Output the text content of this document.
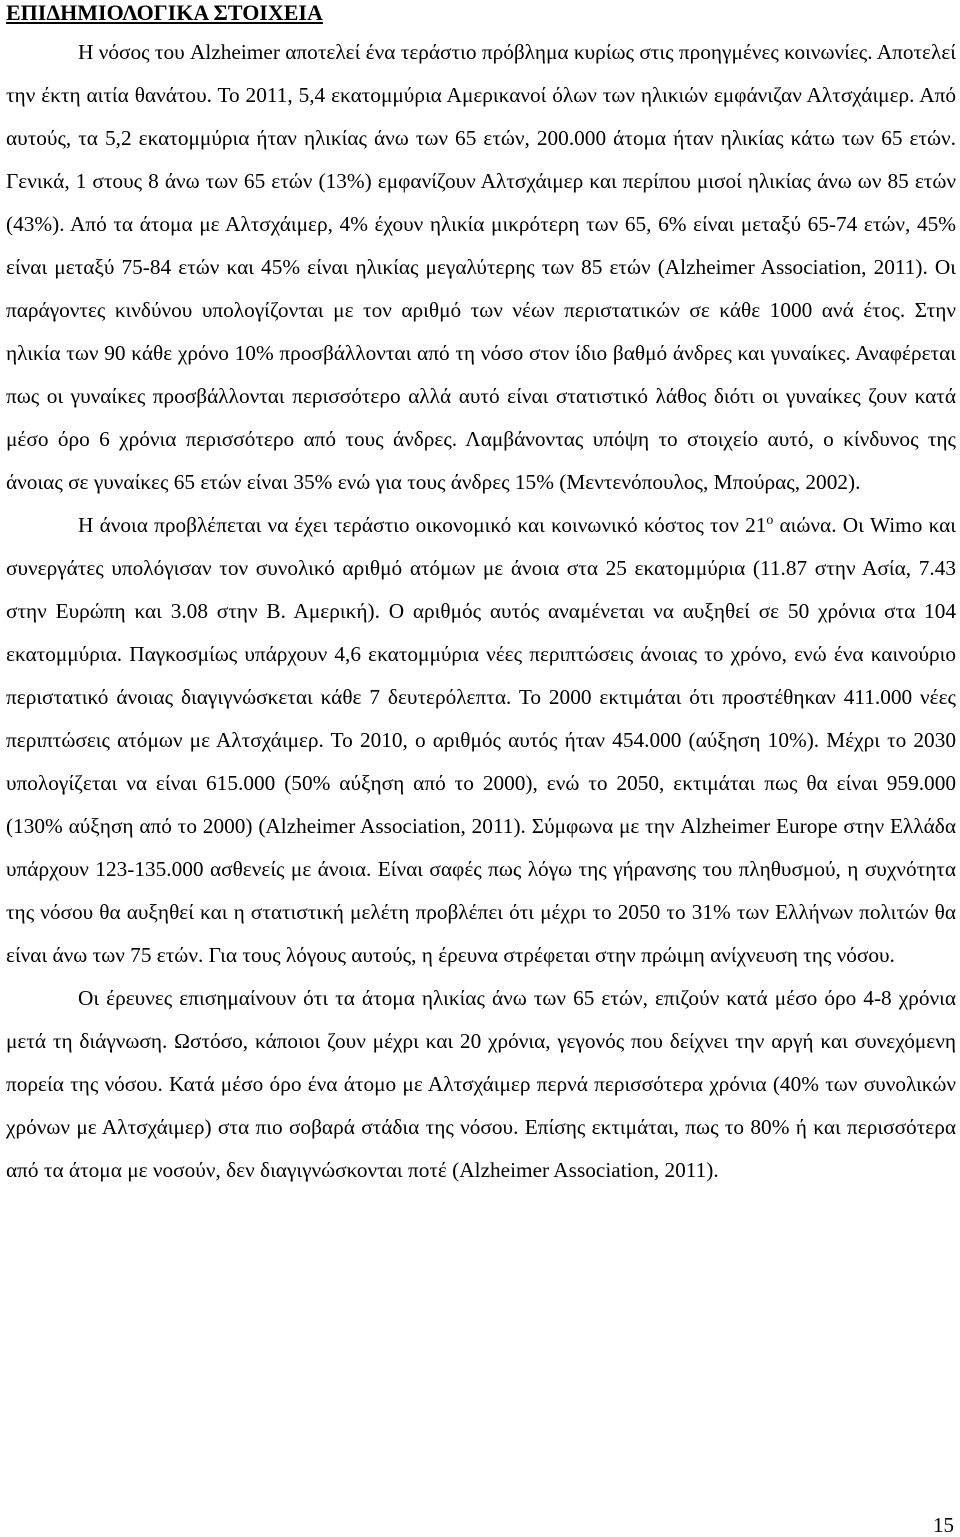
ΕΠΙΔΗΜΙΟΛΟΓΙΚΑ ΣΤΟΙΧΕΙΑ

Η νόσος του Alzheimer αποτελεί ένα τεράστιο πρόβλημα κυρίως στις προηγμένες κοινωνίες. Αποτελεί την έκτη αιτία θανάτου. Το 2011, 5,4 εκατομμύρια Αμερικανοί όλων των ηλικιών εμφάνιζαν Αλτσχάιμερ. Από αυτούς, τα 5,2 εκατομμύρια ήταν ηλικίας άνω των 65 ετών, 200.000 άτομα ήταν ηλικίας κάτω των 65 ετών. Γενικά, 1 στους 8 άνω των 65 ετών (13%) εμφανίζουν Αλτσχάιμερ και περίπου μισοί ηλικίας άνω ων 85 ετών (43%). Από τα άτομα με Αλτσχάιμερ, 4% έχουν ηλικία μικρότερη των 65, 6% είναι μεταξύ 65-74 ετών, 45% είναι μεταξύ 75-84 ετών και 45% είναι ηλικίας μεγαλύτερης των 85 ετών (Alzheimer Association, 2011). Οι παράγοντες κινδύνου υπολογίζονται με τον αριθμό των νέων περιστατικών σε κάθε 1000 ανά έτος. Στην ηλικία των 90 κάθε χρόνο 10% προσβάλλονται από τη νόσο στον ίδιο βαθμό άνδρες και γυναίκες. Αναφέρεται πως οι γυναίκες προσβάλλονται περισσότερο αλλά αυτό είναι στατιστικό λάθος διότι οι γυναίκες ζουν κατά μέσο όρο 6 χρόνια περισσότερο από τους άνδρες. Λαμβάνοντας υπόψη το στοιχείο αυτό, ο κίνδυνος της άνοιας σε γυναίκες 65 ετών είναι 35% ενώ για τους άνδρες 15% (Μεντενόπουλος, Μπούρας, 2002).

Η άνοια προβλέπεται να έχει τεράστιο οικονομικό και κοινωνικό κόστος τον $21^o$ αιώνα. Οι Wimo και συνεργάτες υπολόγισαν τον συνολικό αριθμό ατόμων με άνοια στα 25 εκατομμύρια (11.87 στην Ασία, 7.43 στην Ευρώπη και 3.08 στην Β. Αμερική). Ο αριθμός αυτός αναμένεται να αυξηθεί σε 50 χρόνια στα 104 εκατομμύρια. Παγκοσμίως υπάρχουν 4,6 εκατομμύρια νέες περιπτώσεις άνοιας το χρόνο, ενώ ένα καινούριο περιστατικό άνοιας διαγιγνώσκεται κάθε 7 δευτερόλεπτα. Το 2000 εκτιμάται ότι προστέθηκαν 411.000 νέες περιπτώσεις ατόμων με Αλτσχάιμερ. Το 2010, ο αριθμός αυτός ήταν 454.000 (αύξηση 10%). Μέχρι το 2030 υπολογίζεται να είναι 615.000 (50% αύξηση από το 2000), ενώ το 2050, εκτιμάται πως θα είναι 959.000 (130% αύξηση από το 2000) (Alzheimer Association, 2011). Σύμφωνα με την Alzheimer Europe στην Ελλάδα υπάρχουν 123-135.000 ασθενείς με άνοια. Είναι σαφές πως λόγω της γήρανσης του πληθυσμού, η συχνότητα της νόσου θα αυξηθεί και η στατιστική μελέτη προβλέπει ότι μέχρι το 2050 το 31% των Ελλήνων πολιτών θα είναι άνω των 75 ετών. Για τους λόγους αυτούς, η έρευνα στρέφεται στην πρώιμη ανίχνευση της νόσου.

Οι έρευνες επισημαίνουν ότι τα άτομα ηλικίας άνω των 65 ετών, επιζούν κατά μέσο όρο 4-8 χρόνια μετά τη διάγνωση. Ωστόσο, κάποιοι ζουν μέχρι και 20 χρόνια, γεγονός που δείχνει την αργή και συνεχόμενη πορεία της νόσου. Κατά μέσο όρο ένα άτομο με Αλτσχάιμερ περνά περισσότερα χρόνια (40% των συνολικών χρόνων με Αλτσχάιμερ) στα πιο σοβαρά στάδια της νόσου. Επίσης εκτιμάται, πως το 80% ή και περισσότερα από τα άτομα με νοσούν, δεν διαγιγνώσκονται ποτέ (Alzheimer Association, 2011).

15
